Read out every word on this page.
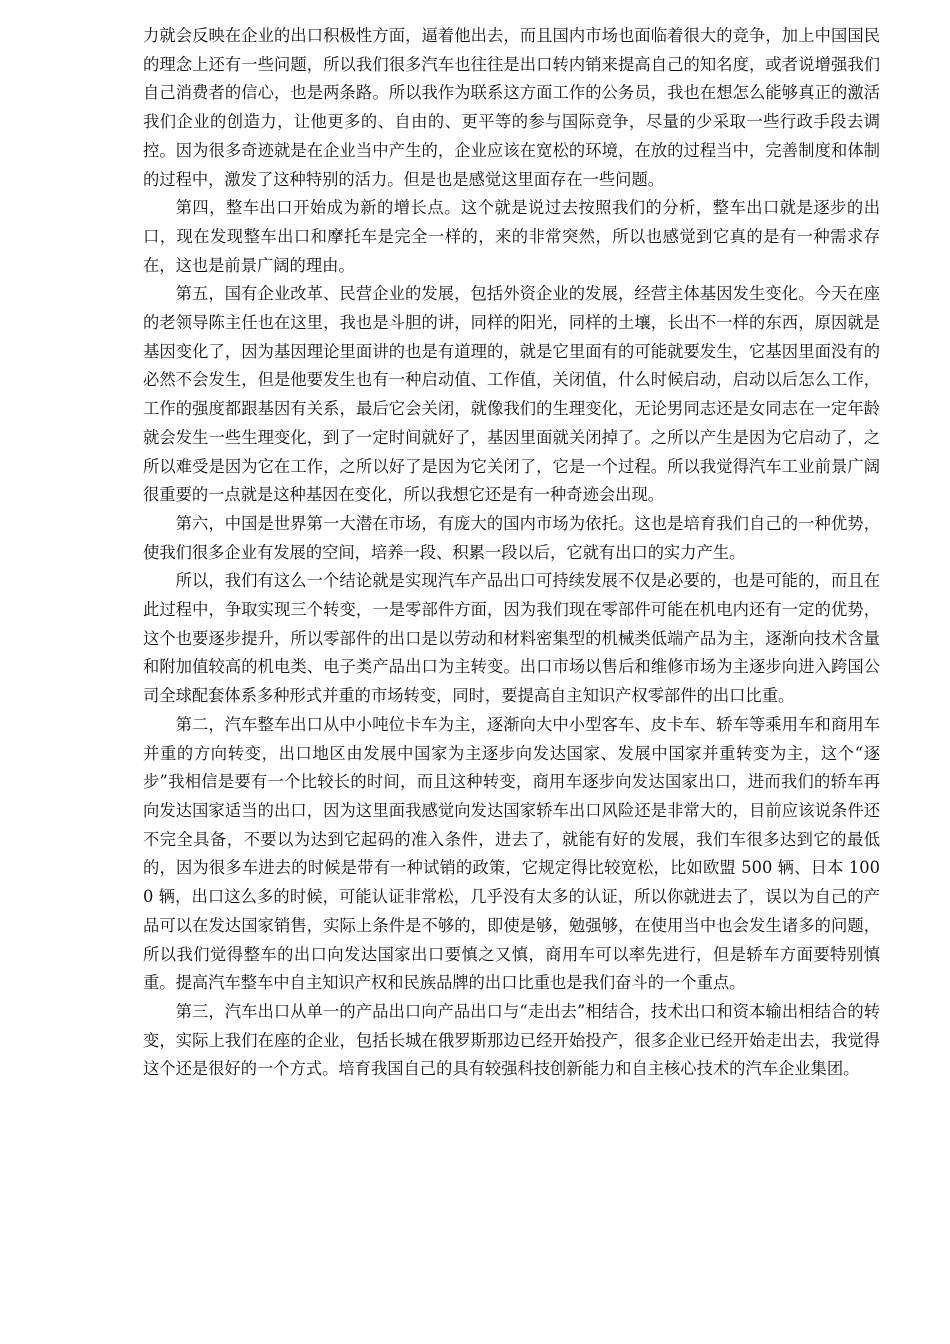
力就会反映在企业的出口积极性方面，逼着他出去，而且国内市场也面临着很大的竞争，加上中国国民的理念上还有一些问题，所以我们很多汽车也往往是出口转内销来提高自己的知名度，或者说增强我们自己消费者的信心，也是两条路。所以我作为联系这方面工作的公务员，我也在想怎么能够真正的激活我们企业的创造力，让他更多的、自由的、更平等的参与国际竞争，尽量的少采取一些行政手段去调控。因为很多奇迹就是在企业当中产生的，企业应该在宽松的环境，在放的过程当中，完善制度和体制的过程中，激发了这种特别的活力。但是也是感觉这里面存在一些问题。

第四，整车出口开始成为新的增长点。这个就是说过去按照我们的分析，整车出口就是逐步的出口，现在发现整车出口和摩托车是完全一样的，来的非常突然，所以也感觉到它真的是有一种需求存在，这也是前景广阔的理由。

第五，国有企业改革、民营企业的发展，包括外资企业的发展，经营主体基因发生变化。今天在座的老领导陈主任也在这里，我也是斗胆的讲，同样的阳光，同样的土壤，长出不一样的东西，原因就是基因变化了，因为基因理论里面讲的也是有道理的，就是它里面有的可能就要发生，它基因里面没有的必然不会发生，但是他要发生也有一种启动值、工作值，关闭值，什么时候启动，启动以后怎么工作，工作的强度都跟基因有关系，最后它会关闭，就像我们的生理变化，无论男同志还是女同志在一定年龄就会发生一些生理变化，到了一定时间就好了，基因里面就关闭掉了。之所以产生是因为它启动了，之所以难受是因为它在工作，之所以好了是因为它关闭了，它是一个过程。所以我觉得汽车工业前景广阔很重要的一点就是这种基因在变化，所以我想它还是有一种奇迹会出现。

第六，中国是世界第一大潜在市场，有庞大的国内市场为依托。这也是培育我们自己的一种优势，使我们很多企业有发展的空间，培养一段、积累一段以后，它就有出口的实力产生。

所以，我们有这么一个结论就是实现汽车产品出口可持续发展不仅是必要的，也是可能的，而且在此过程中，争取实现三个转变，一是零部件方面，因为我们现在零部件可能在机电内还有一定的优势，这个也要逐步提升，所以零部件的出口是以劳动和材料密集型的机械类低端产品为主，逐渐向技术含量和附加值较高的机电类、电子类产品出口为主转变。出口市场以售后和维修市场为主逐步向进入跨国公司全球配套体系多种形式并重的市场转变，同时，要提高自主知识产权零部件的出口比重。

第二，汽车整车出口从中小吨位卡车为主，逐渐向大中小型客车、皮卡车、轿车等乘用车和商用车并重的方向转变，出口地区由发展中国家为主逐步向发达国家、发展中国家并重转变为主，这个“逐步”我相信是要有一个比较长的时间，而且这种转变，商用车逐步向发达国家出口，进而我们的轿车再向发达国家适当的出口，因为这里面我感觉向发达国家轿车出口风险还是非常大的，目前应该说条件还不完全具备，不要以为达到它起码的准入条件，进去了，就能有好的发展，我们车很多达到它的最低的，因为很多车进去的时候是带有一种试销的政策，它规定得比较宽松，比如欧盟 500 辆、日本 1000 辆，出口这么多的时候，可能认证非常松，几乎没有太多的认证，所以你就进去了，误以为自己的产品可以在发达国家销售，实际上条件是不够的，即使是够，勉强够，在使用当中也会发生诸多的问题，所以我们觉得整车的出口向发达国家出口要慎之又慎，商用车可以率先进行，但是轿车方面要特别慎重。提高汽车整车中自主知识产权和民族品牌的出口比重也是我们奋斗的一个重点。

第三，汽车出口从单一的产品出口向产品出口与“走出去”相结合，技术出口和资本输出相结合的转变，实际上我们在座的企业，包括长城在俄罗斯那边已经开始投产，很多企业已经开始走出去，我觉得这个还是很好的一个方式。培育我国自己的具有较强科技创新能力和自主核心技术的汽车企业集团。
